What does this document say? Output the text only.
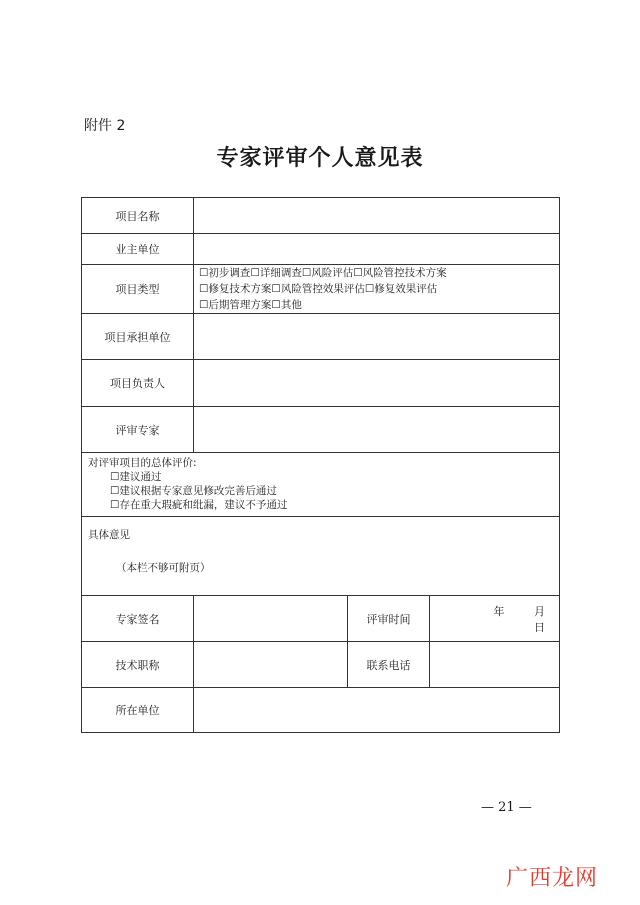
附件 2
专家评审个人意见表
项目名称			
业主单位			
项目类型	☐初步调查☐详细调查☐风险评估☐风险管控技术方案
☐修复技术方案☐风险管控效果评估☐修复效果评估
☐后期管理方案☐其他		

项目承担单位			
项目负责人			
评审专家			

对评审项目的总体评价:
☐建议通过
☐建议根据专家意见修改完善后通过
☐存在重大瑕疵和纰漏，建议不予通过			

具体意见
（本栏不够可附页）			

专家签名		评审时间	年 月 日
技术职称		联系电话	
所在单位			
— 21 —
广西龙网
